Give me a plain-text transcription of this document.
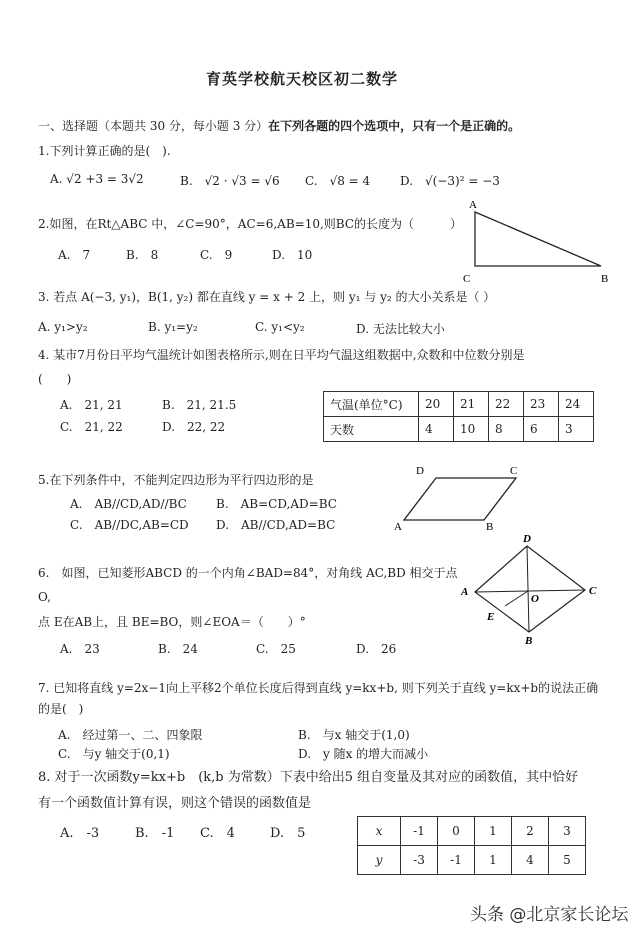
育英学校航天校区初二数学
一、选择题（本题共 30 分，每小题 3 分）在下列各题的四个选项中，只有一个是正确的。
1.下列计算正确的是(　).
A. √2 +3 = 3√2	B.　√2 · √3 = √6 C.　√8 = 4 D.　√(−3)² = −3
2.如图，在Rt△ABC 中，∠C=90°，AC=6,AB=10,则BC的长度为（　　　）
A.　7	B.　8	C.　9	D.　10
A
C	B
3. 若点 A(−3, y₁)，B(1, y₂) 都在直线 y = x + 2 上，则 y₁ 与 y₂ 的大小关系是（ ）
A. y₁>y₂	B. y₁=y₂	C. y₁<y₂	D. 无法比较大小
4. 某市7月份日平均气温统计如图表格所示,则在日平均气温这组数据中,众数和中位数分别是
(　　)
A.　21, 21	B.　21, 21.5
C.　21, 22	D.　22, 22
气温(单位°C)	20	21	22	23	24
天数	4	10	8	6	3
5.在下列条件中，不能判定四边形为平行四边形的是
A.　AB//CD,AD//BC B.　AB=CD,AD=BC
C.　AB//DC,AB=CD D.　AB//CD,AD=BC	A	B
C
D
6.　如图，已知菱形ABCD 的一个内角∠BAD=84°，对角线 AC,BD 相交于点
O,
点 E在AB上，且 BE=BO，则∠EOA＝（　　）°
A.　23	B.　24	C.　25	D.　26
D
A	C
O
E
B
7. 已知将直线 y=2x−1向上平移2个单位长度后得到直线 y=kx+b, 则下列关于直线 y=kx+b的说法正确
的是(　)
A.　经过第一、二、四象限	B.　与x 轴交于(1,0)
C.　与y 轴交于(0,1)	D.　y 随x 的增大而减小
8. 对于一次函数y=kx+b　(k,b 为常数）下表中给出5 组自变量及其对应的函数值，其中恰好
有一个函数值计算有误，则这个错误的函数值是
A.　-3	B.　-1 C.　4	D.　5	x	-1	0	1	2	3
y	-3	-1	1	4	5
头条 @北京家长论坛
